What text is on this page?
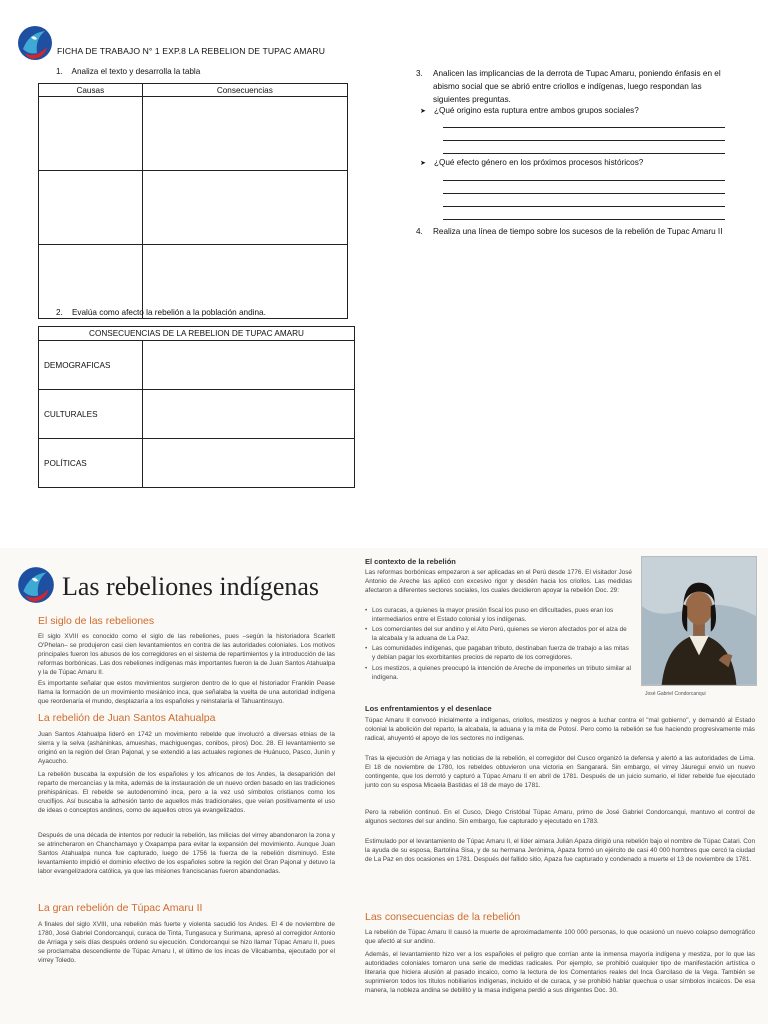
FICHA DE TRABAJO N° 1 EXP.8 LA REBELION DE TUPAC AMARU
1. Analiza el texto y desarrolla la tabla
Causas	Consecuencias

2. Evalúa como afecto la rebelión a la población andina.
CONSECUENCIAS DE LA REBELION DE TUPAC AMARU	
DEMOGRAFICAS	
CULTURALES	
POLÍTICAS	
3. Analicen las implicancias de la derrota de Tupac Amaru, poniendo énfasis en el abismo social que se abrió entre criollos e indígenas, luego respondan las siguientes preguntas.
➤ ¿Qué origino esta ruptura entre ambos grupos sociales?
➤ ¿Qué efecto género en los próximos procesos históricos?
4. Realiza una línea de tiempo sobre los sucesos de la rebelión de Tupac Amaru II
Las rebeliones indígenas
El siglo de las rebeliones
El siglo XVIII es conocido como el siglo de las rebeliones, pues –según la historiadora Scarlett O'Phelan– se produjeron casi cien levantamientos en contra de las autoridades coloniales. Los motivos principales fueron los abusos de los corregidores en el sistema de repartimientos y la introducción de las reformas borbónicas. Las dos rebeliones indígenas más importantes fueron la de Juan Santos Atahualpa y la de Túpac Amaru II.
Es importante señalar que estos movimientos surgieron dentro de lo que el historiador Franklin Pease llama la formación de un movimiento mesiánico inca, que señalaba la vuelta de una autoridad indígena que reordenaría el mundo, desplazaría a los españoles y reinstalaría el Tahuantinsuyo.
La rebelión de Juan Santos Atahualpa
Juan Santos Atahualpa lideró en 1742 un movimiento rebelde que involucró a diversas etnias de la sierra y la selva (asháninkas, amueshas, machiguengas, conibos, piros) Doc. 28. El levantamiento se originó en la región del Gran Pajonal, y se extendió a las actuales regiones de Huánuco, Pasco, Junín y Ayacucho.
La rebelión buscaba la expulsión de los españoles y los africanos de los Andes, la desaparición del reparto de mercancías y la mita, además de la instauración de un nuevo orden basado en las tradiciones prehispánicas. El rebelde se autodenominó inca, pero a la vez usó símbolos cristianos como los crucifijos. Así buscaba la adhesión tanto de aquellos más tradicionales, que veían positivamente el uso de ideas o conceptos andinos, como de aquellos otros ya evangelizados.
Después de una década de intentos por reducir la rebelión, las milicias del virrey abandonaron la zona y se atrincheraron en Chanchamayo y Oxapampa para evitar la expansión del movimiento. Aunque Juan Santos Atahualpa nunca fue capturado, luego de 1756 la fuerza de la rebelión disminuyó. Este levantamiento impidió el dominio efectivo de los españoles sobre la región del Gran Pajonal y detuvo la labor evangelizadora católica, ya que las misiones franciscanas fueron abandonadas.
La gran rebelión de Túpac Amaru II
A finales del siglo XVIII, una rebelión más fuerte y violenta sacudió los Andes. El 4 de noviembre de 1780, José Gabriel Condorcanqui, curaca de Tinta, Tungasuca y Surimana, apresó al corregidor Antonio de Arriaga y seis días después ordenó su ejecución. Condorcanqui se hizo llamar Túpac Amaru II, pues se proclamaba descendiente de Túpac Amaru I, el último de los incas de Vilcabamba, ejecutado por el virrey Toledo.
El contexto de la rebelión
Las reformas borbónicas empezaron a ser aplicadas en el Perú desde 1776. El visitador José Antonio de Areche las aplicó con excesivo rigor y desdén hacia los criollos. Las medidas afectaron a diferentes sectores sociales, los cuales decidieron apoyar la rebelión Doc. 29:
• Los curacas, a quienes la mayor presión fiscal los puso en dificultades, pues eran los intermediarios entre el Estado colonial y los indígenas.
• Los comerciantes del sur andino y el Alto Perú, quienes se vieron afectados por el alza de la alcabala y la aduana de La Paz.
• Las comunidades indígenas, que pagaban tributo, destinaban fuerza de trabajo a las mitas y debían pagar los exorbitantes precios de reparto de los corregidores.
• Los mestizos, a quienes preocupó la intención de Areche de imponerles un tributo similar al indígena.
Los enfrentamientos y el desenlace
Túpac Amaru II convocó inicialmente a indígenas, criollos, mestizos y negros a luchar contra el "mal gobierno", y demandó al Estado colonial la abolición del reparto, la alcabala, la aduana y la mita de Potosí. Pero como la rebelión se fue haciendo progresivamente más radical, ahuyentó el apoyo de los sectores no indígenas.
Tras la ejecución de Arriaga y las noticias de la rebelión, el corregidor del Cusco organizó la defensa y alertó a las autoridades de Lima. El 18 de noviembre de 1780, los rebeldes obtuvieron una victoria en Sangarará. Sin embargo, el virrey Jáuregui envió un nuevo contingente, que los derrotó y capturó a Túpac Amaru II en abril de 1781. Después de un juicio sumario, el líder rebelde fue ejecutado junto con su esposa Micaela Bastidas el 18 de mayo de 1781.
Pero la rebelión continuó. En el Cusco, Diego Cristóbal Túpac Amaru, primo de José Gabriel Condorcanqui, mantuvo el control de algunos sectores del sur andino. Sin embargo, fue capturado y ejecutado en 1783.
Estimulado por el levantamiento de Túpac Amaru II, el líder aimara Julián Apaza dirigió una rebelión bajo el nombre de Túpac Catari. Con la ayuda de su esposa, Bartolina Sisa, y de su hermana Jerónima, Apaza formó un ejército de casi 40 000 hombres que cercó la ciudad de La Paz en dos ocasiones en 1781. Después del fallido sitio, Apaza fue capturado y condenado a muerte el 13 de noviembre de 1781.
Las consecuencias de la rebelión
La rebelión de Túpac Amaru II causó la muerte de aproximadamente 100 000 personas, lo que ocasionó un nuevo colapso demográfico que afectó al sur andino.
Además, el levantamiento hizo ver a los españoles el peligro que corrían ante la inmensa mayoría indígena y mestiza, por lo que las autoridades coloniales tomaron una serie de medidas radicales. Por ejemplo, se prohibió cualquier tipo de manifestación artística o literaria que hiciera alusión al pasado incaico, como la lectura de los Comentarios reales del Inca Garcilaso de la Vega. También se suprimieron todos los títulos nobiliarios indígenas, incluido el de curaca, y se prohibió hablar quechua o usar símbolos incaicos. De esa manera, la nobleza andina se debilitó y la masa indígena perdió a sus dirigentes Doc. 30.
José Gabriel Condorcanqui
